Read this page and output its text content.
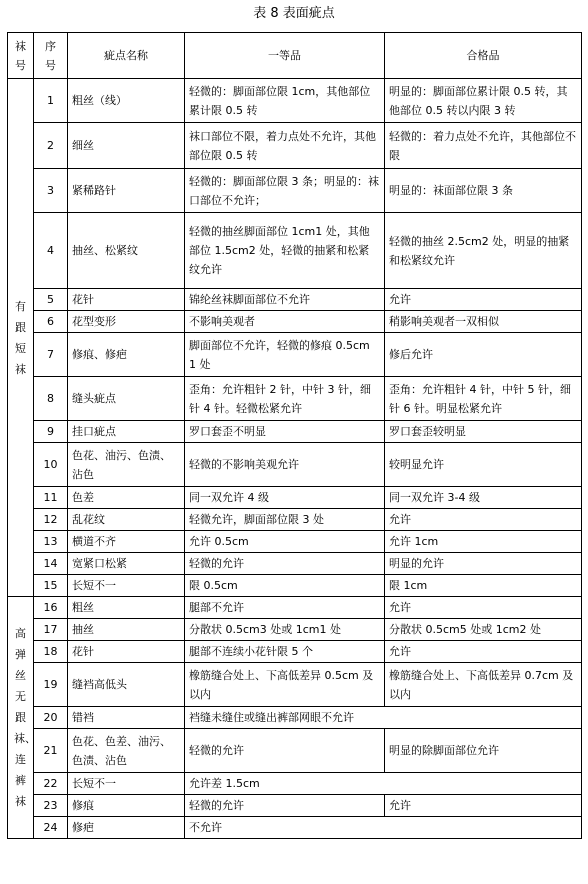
表 8 表面疵点
袜号	序号	疵点名称	一等品	合格品
有跟短袜	1	粗丝（线）	轻微的：脚面部位限 1cm，其他部位累计限 0.5 转	明显的：脚面部位累计限 0.5 转，其他部位 0.5 转以内限 3 转
	2	细丝	袜口部位不限，着力点处不允许，其他部位限 0.5 转	轻微的：着力点处不允许，其他部位不限
	3	紧稀路针	轻微的：脚面部位限 3 条；明显的：袜口部位不允许；	明显的：袜面部位限 3 条
	4	抽丝、松紧纹	轻微的抽丝脚面部位 1cm1 处，其他部位 1.5cm2 处，轻微的抽紧和松紧纹允许	轻微的抽丝 2.5cm2 处，明显的抽紧和松紧纹允许
	5	花针	锦纶丝袜脚面部位不允许	允许
	6	花型变形	不影响美观者	稍影响美观者一双相似
	7	修痕、修疤	脚面部位不允许，轻微的修痕 0.5cm 1 处	修后允许
	8	缝头疵点	歪角：允许粗针 2 针，中针 3 针，细针 4 针。轻微松紧允许	歪角：允许粗针 4 针，中针 5 针，细针 6 针。明显松紧允许
	9	挂口疵点	罗口套歪不明显	罗口套歪较明显
	10	色花、油污、色渍、沾色	轻微的不影响美观允许	较明显允许
	11	色差	同一双允许 4 级	同一双允许 3-4 级
	12	乱花纹	轻微允许，脚面部位限 3 处	允许
	13	横道不齐	允许 0.5cm	允许 1cm
	14	宽紧口松紧	轻微的允许	明显的允许
	15	长短不一	限 0.5cm	限 1cm
高弹丝无跟袜、连裤袜	16	粗丝	腿部不允许	允许
	17	抽丝	分散状 0.5cm3 处或 1cm1 处	分散状 0.5cm5 处或 1cm2 处
	18	花针	腿部不连续小花针限 5 个	允许
	19	缝裆高低头	橡筋缝合处上、下高低差异 0.5cm 及以内	橡筋缝合处上、下高低差异 0.7cm 及以内
	20	错裆	裆缝未缝住或缝出裤部网眼不允许	
	21	色花、色差、油污、色渍、沾色	轻微的允许	明显的除脚面部位允许
	22	长短不一	允许差 1.5cm	
	23	修痕	轻微的允许	允许
	24	修疤	不允许	
